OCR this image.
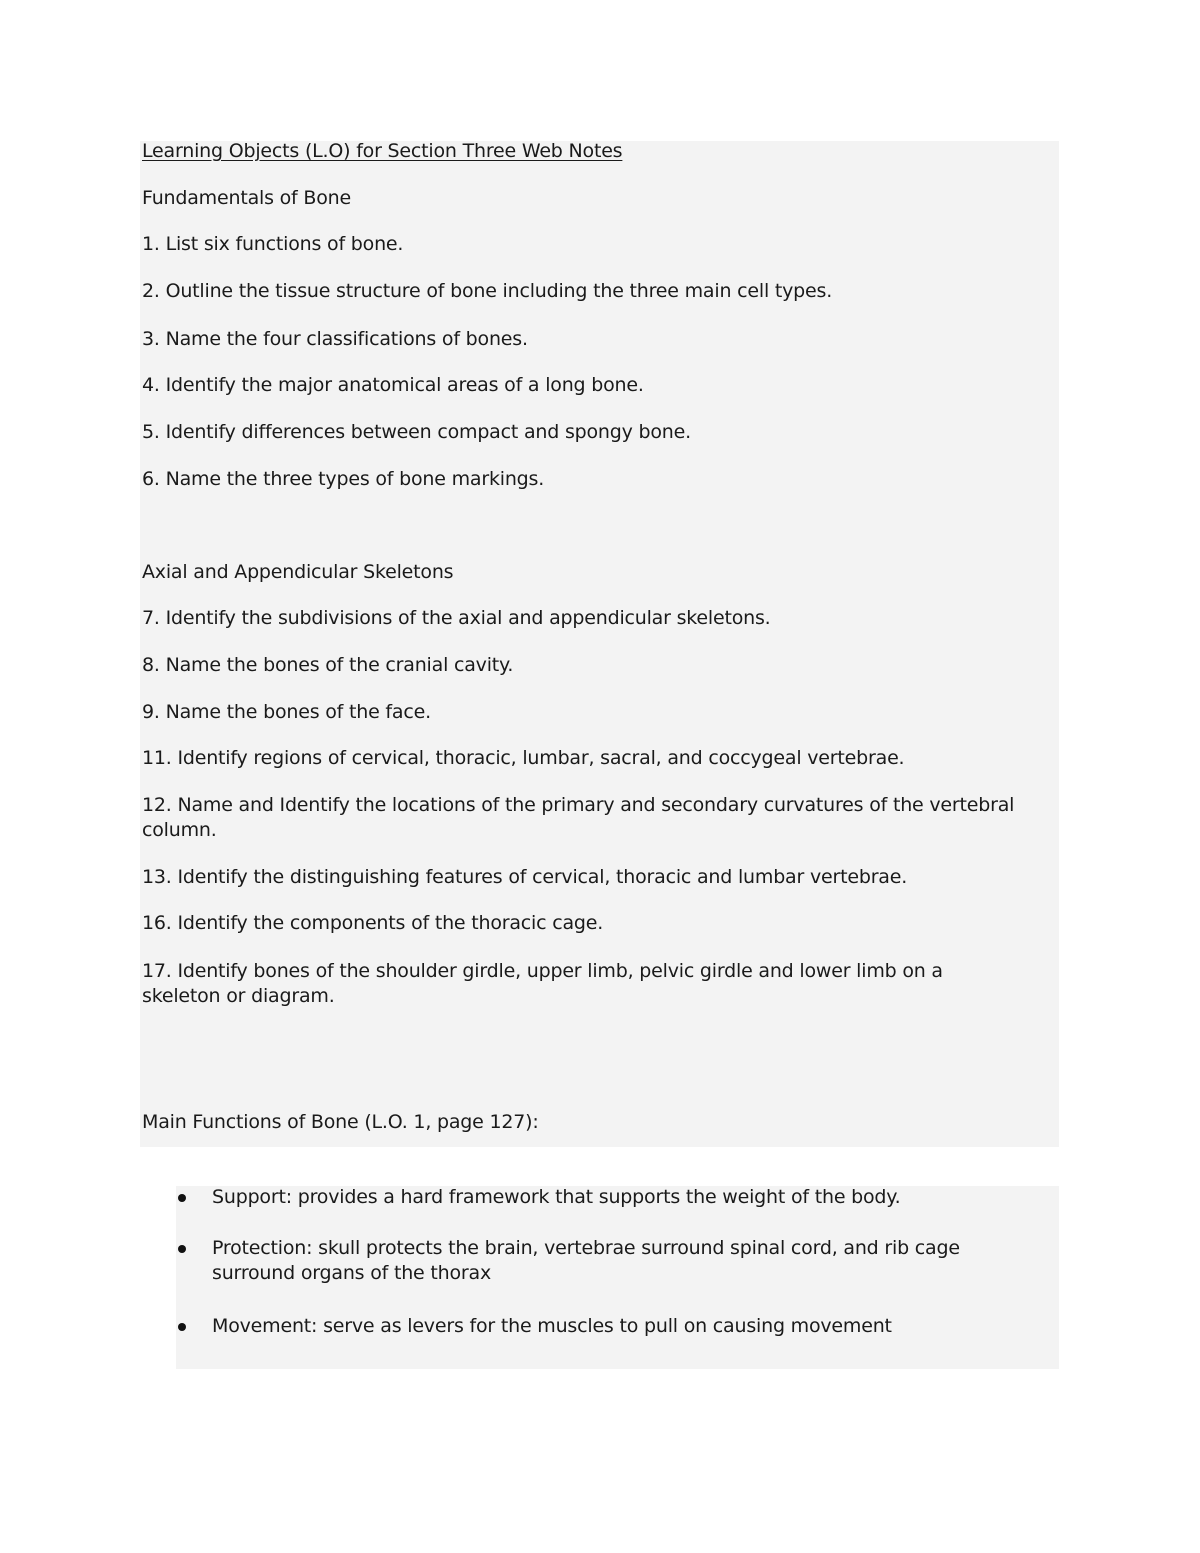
Learning Objects (L.O) for Section Three Web Notes
Fundamentals of Bone
1. List six functions of bone.
2. Outline the tissue structure of bone including the three main cell types.
3. Name the four classifications of bones.
4. Identify the major anatomical areas of a long bone.
5. Identify differences between compact and spongy bone.
6. Name the three types of bone markings.
Axial and Appendicular Skeletons
7. Identify the subdivisions of the axial and appendicular skeletons.
8. Name the bones of the cranial cavity.
9. Name the bones of the face.
11. Identify regions of cervical, thoracic, lumbar, sacral, and coccygeal vertebrae.
12. Name and Identify the locations of the primary and secondary curvatures of the vertebral column.
13. Identify the distinguishing features of cervical, thoracic and lumbar vertebrae.
16. Identify the components of the thoracic cage.
17. Identify bones of the shoulder girdle, upper limb, pelvic girdle and lower limb on a skeleton or diagram.
Main Functions of Bone (L.O. 1, page 127):
Support: provides a hard framework that supports the weight of the body.
Protection: skull protects the brain, vertebrae surround spinal cord, and rib cage surround organs of the thorax
Movement: serve as levers for the muscles to pull on causing movement
